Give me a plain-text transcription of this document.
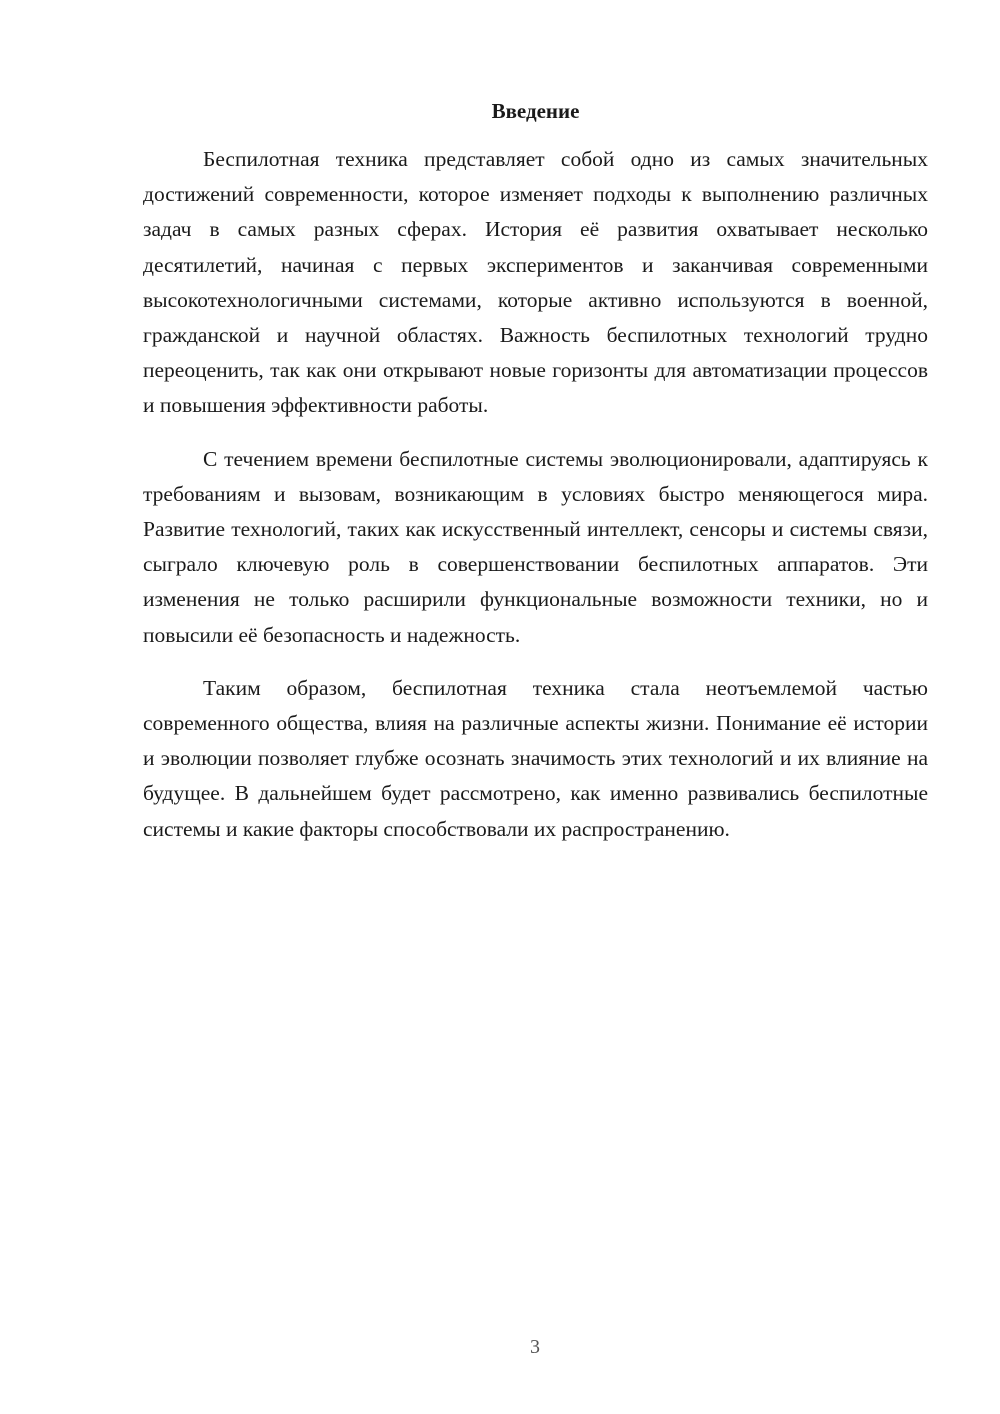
Введение

Беспилотная техника представляет собой одно из самых значительных достижений современности, которое изменяет подходы к выполнению различных задач в самых разных сферах. История её развития охватывает несколько десятилетий, начиная с первых экспериментов и заканчивая современными высокотехнологичными системами, которые активно используются в военной, гражданской и научной областях. Важность беспилотных технологий трудно переоценить, так как они открывают новые горизонты для автоматизации процессов и повышения эффективности работы.

С течением времени беспилотные системы эволюционировали, адаптируясь к требованиям и вызовам, возникающим в условиях быстро меняющегося мира. Развитие технологий, таких как искусственный интеллект, сенсоры и системы связи, сыграло ключевую роль в совершенствовании беспилотных аппаратов. Эти изменения не только расширили функциональные возможности техники, но и повысили её безопасность и надежность.

Таким образом, беспилотная техника стала неотъемлемой частью современного общества, влияя на различные аспекты жизни. Понимание её истории и эволюции позволяет глубже осознать значимость этих технологий и их влияние на будущее. В дальнейшем будет рассмотрено, как именно развивались беспилотные системы и какие факторы способствовали их распространению.

3
